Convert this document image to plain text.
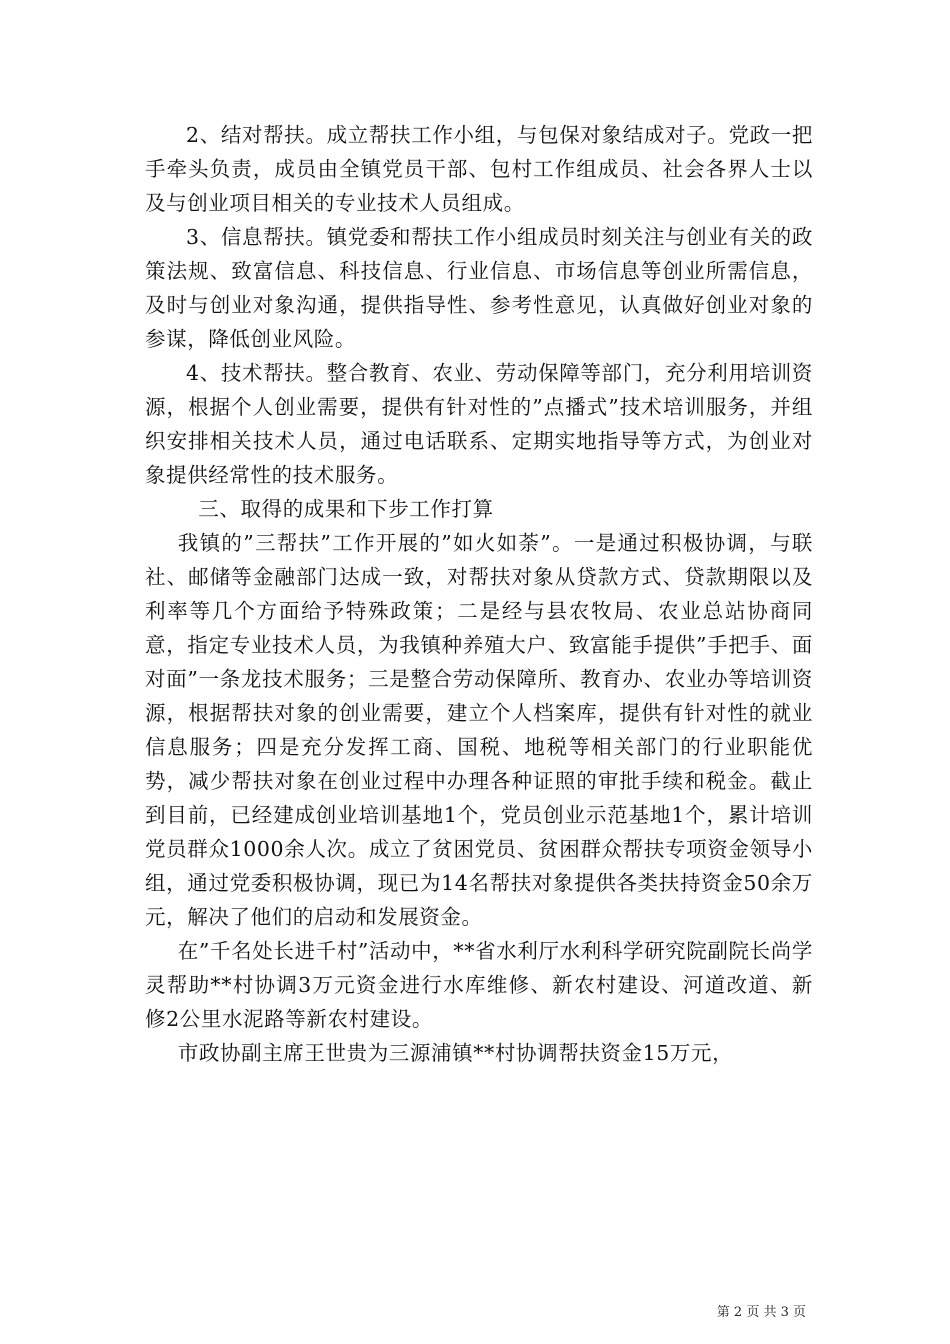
2、结对帮扶。成立帮扶工作小组，与包保对象结成对子。党政一把手牵头负责，成员由全镇党员干部、包村工作组成员、社会各界人士以及与创业项目相关的专业技术人员组成。

3、信息帮扶。镇党委和帮扶工作小组成员时刻关注与创业有关的政策法规、致富信息、科技信息、行业信息、市场信息等创业所需信息，及时与创业对象沟通，提供指导性、参考性意见，认真做好创业对象的参谋，降低创业风险。

4、技术帮扶。整合教育、农业、劳动保障等部门，充分利用培训资源，根据个人创业需要，提供有针对性的”点播式”技术培训服务，并组织安排相关技术人员，通过电话联系、定期实地指导等方式，为创业对象提供经常性的技术服务。

三、取得的成果和下步工作打算

我镇的”三帮扶”工作开展的”如火如荼”。一是通过积极协调，与联社、邮储等金融部门达成一致，对帮扶对象从贷款方式、贷款期限以及利率等几个方面给予特殊政策；二是经与县农牧局、农业总站协商同意，指定专业技术人员，为我镇种养殖大户、致富能手提供”手把手、面对面”一条龙技术服务；三是整合劳动保障所、教育办、农业办等培训资源，根据帮扶对象的创业需要，建立个人档案库，提供有针对性的就业信息服务；四是充分发挥工商、国税、地税等相关部门的行业职能优势，减少帮扶对象在创业过程中办理各种证照的审批手续和税金。截止到目前，已经建成创业培训基地1个，党员创业示范基地1个，累计培训党员群众1000余人次。成立了贫困党员、贫困群众帮扶专项资金领导小组，通过党委积极协调，现已为14名帮扶对象提供各类扶持资金50余万元，解决了他们的启动和发展资金。

在”千名处长进千村”活动中，**省水利厅水利科学研究院副院长尚学灵帮助**村协调3万元资金进行水库维修、新农村建设、河道改道、新修2公里水泥路等新农村建设。

市政协副主席王世贵为三源浦镇**村协调帮扶资金15万元，

第 2 页 共 3 页
